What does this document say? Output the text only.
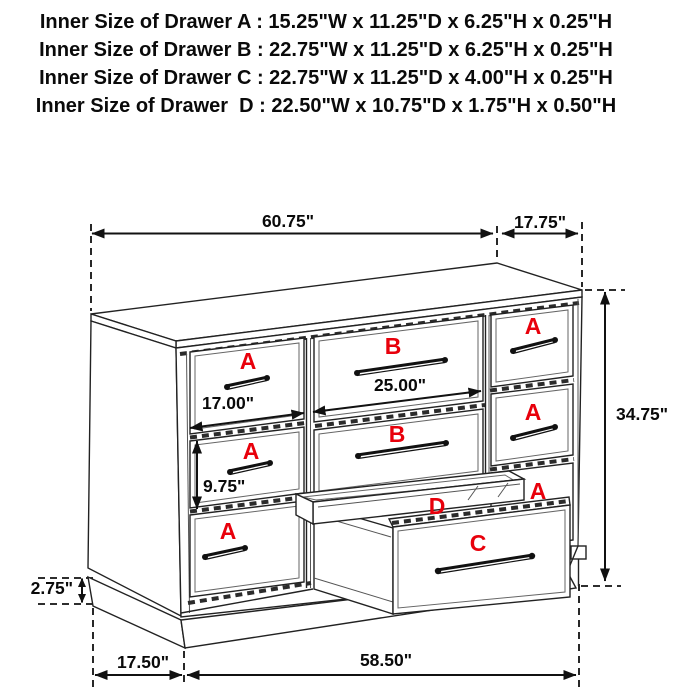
Inner Size of Drawer A : 15.25"W x 11.25"D x 6.25"H x 0.25"H
Inner Size of Drawer B : 22.75"W x 11.25"D x 6.25"H x 0.25"H
Inner Size of Drawer C : 22.75"W x 11.25"D x 4.00"H x 0.25"H
Inner Size of Drawer  D : 22.50"W x 10.75"D x 1.75"H x 0.50"H
60.75"	17.75"
34.75"
25.00"
17.00"
9.75"
2.75"
17.50"	58.50"
A
A
A
B
B
A
A
A
D
C
